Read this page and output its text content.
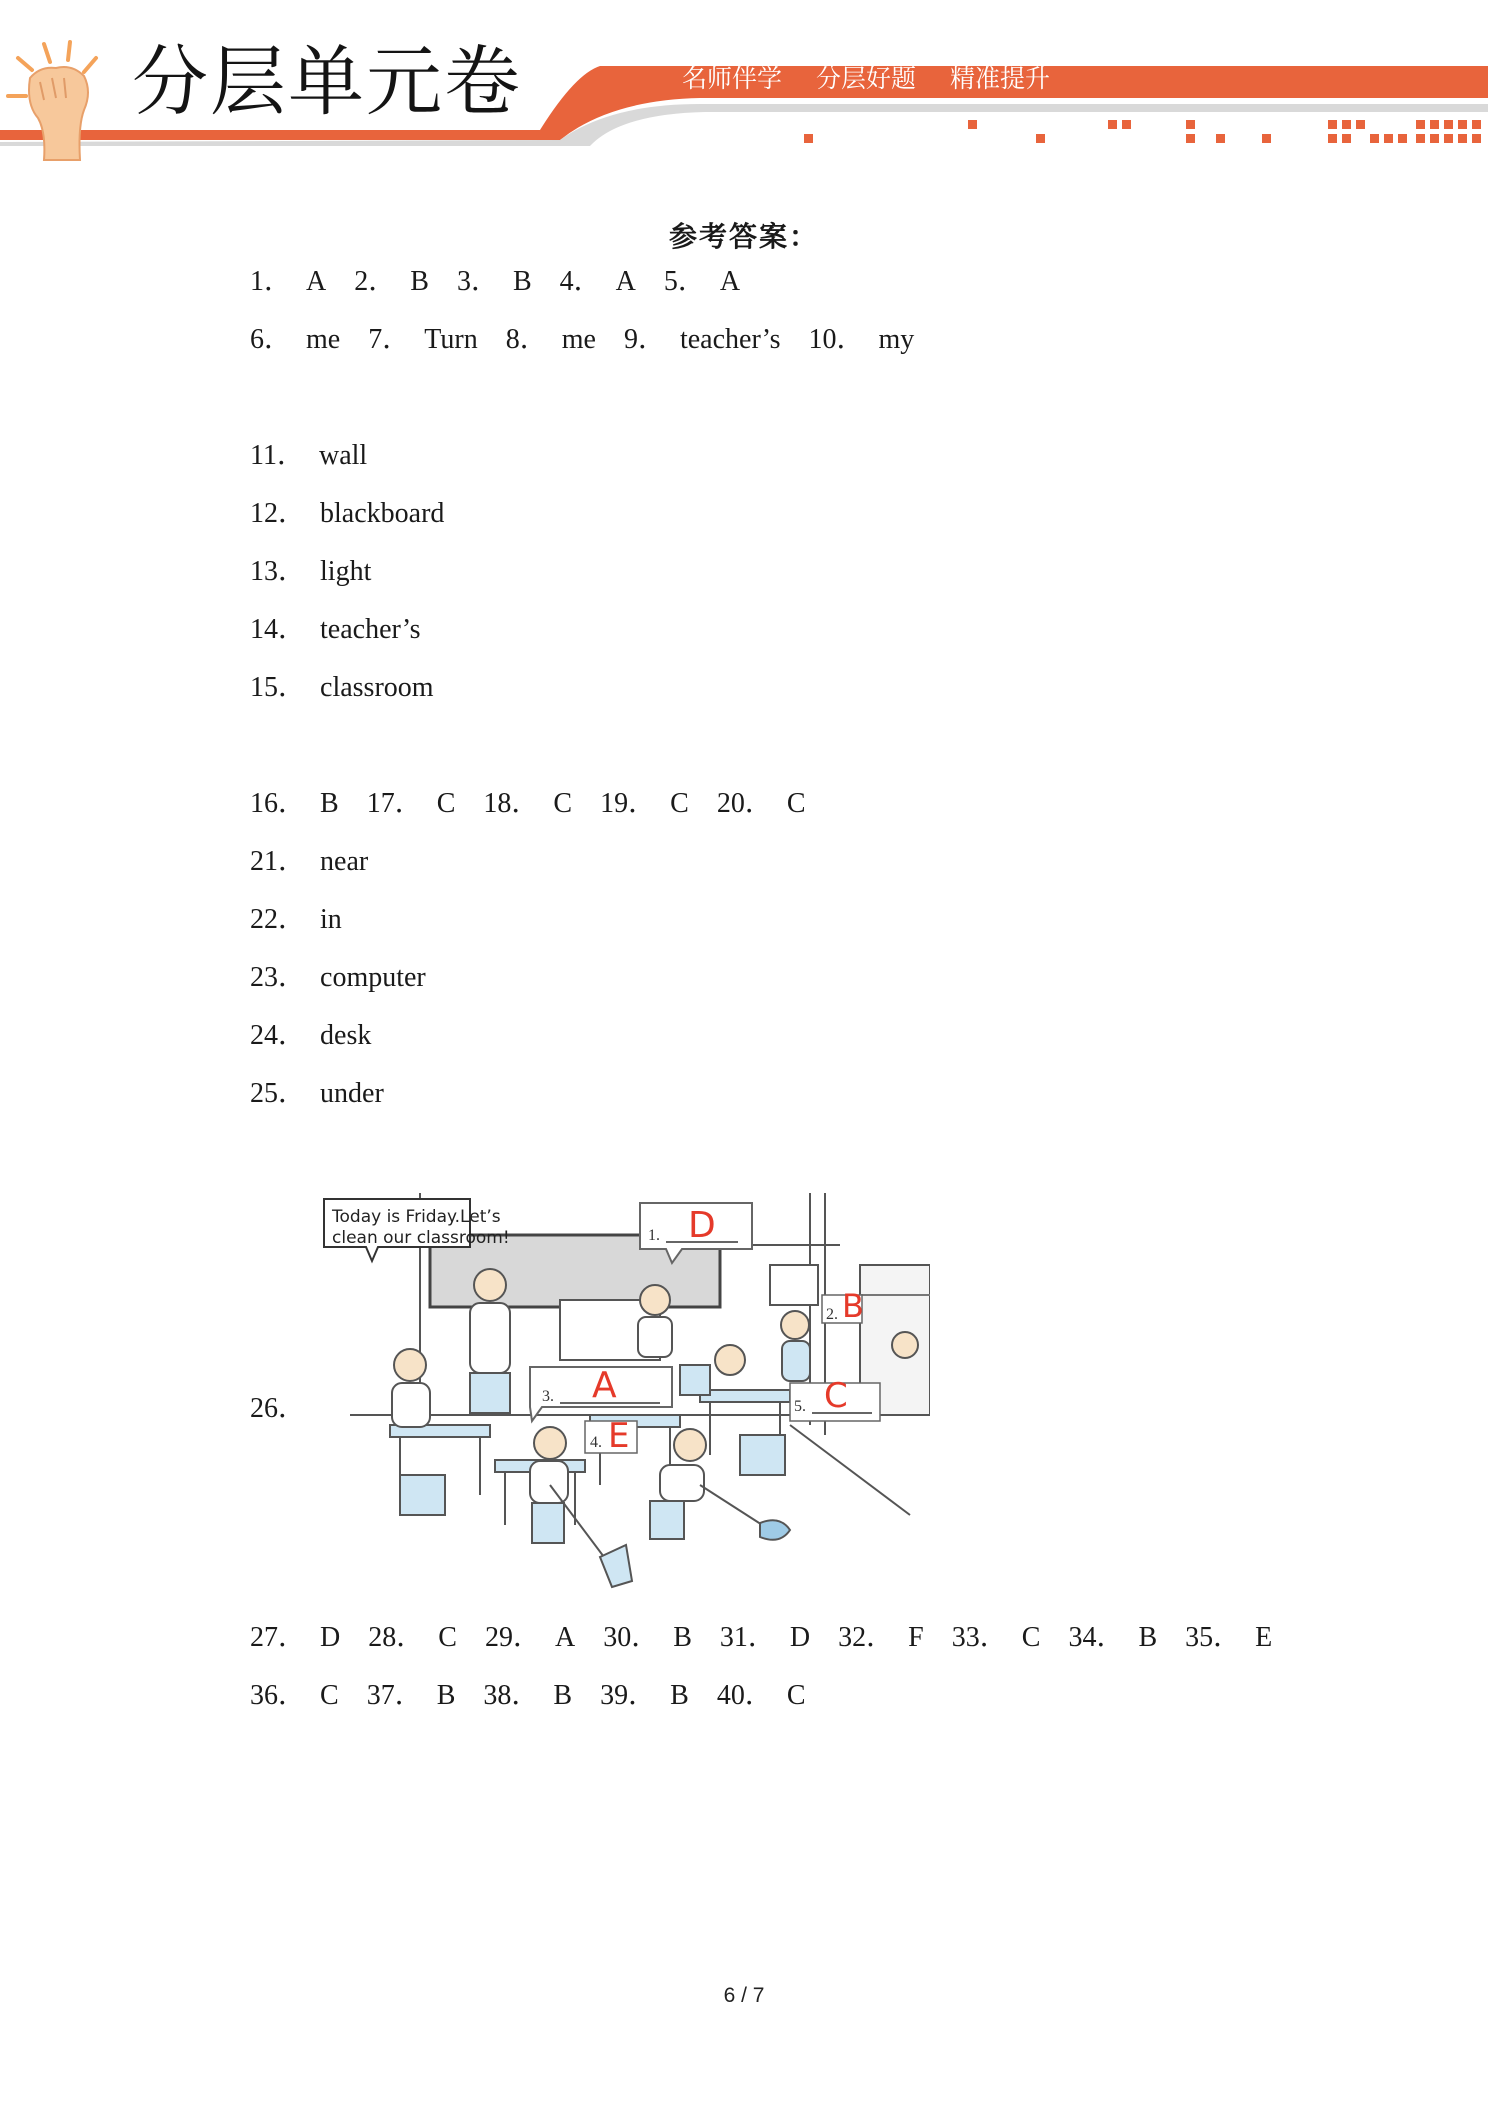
分层单元卷	名师伴学 分层好题 精准提升
参考答案：
1． A 2． B 3． B 4． A 5． A
6． me 7． Turn 8． me 9． teacher’s 10． my
11． wall
12． blackboard
13． light
14． teacher’s
15． classroom
16． B 17． C 18． C 19． C 20． C
21． near
22． in
23． computer
24． desk
25． under
27． D 28． C 29． A 30． B 31． D 32． F 33． C 34． B 35． E
36． C 37． B 38． B 39． B 40． C
26．
Today is Friday.Let’s
clean our classroom!	1. D
2. B
3. A
4. E
5. C
6 / 7
